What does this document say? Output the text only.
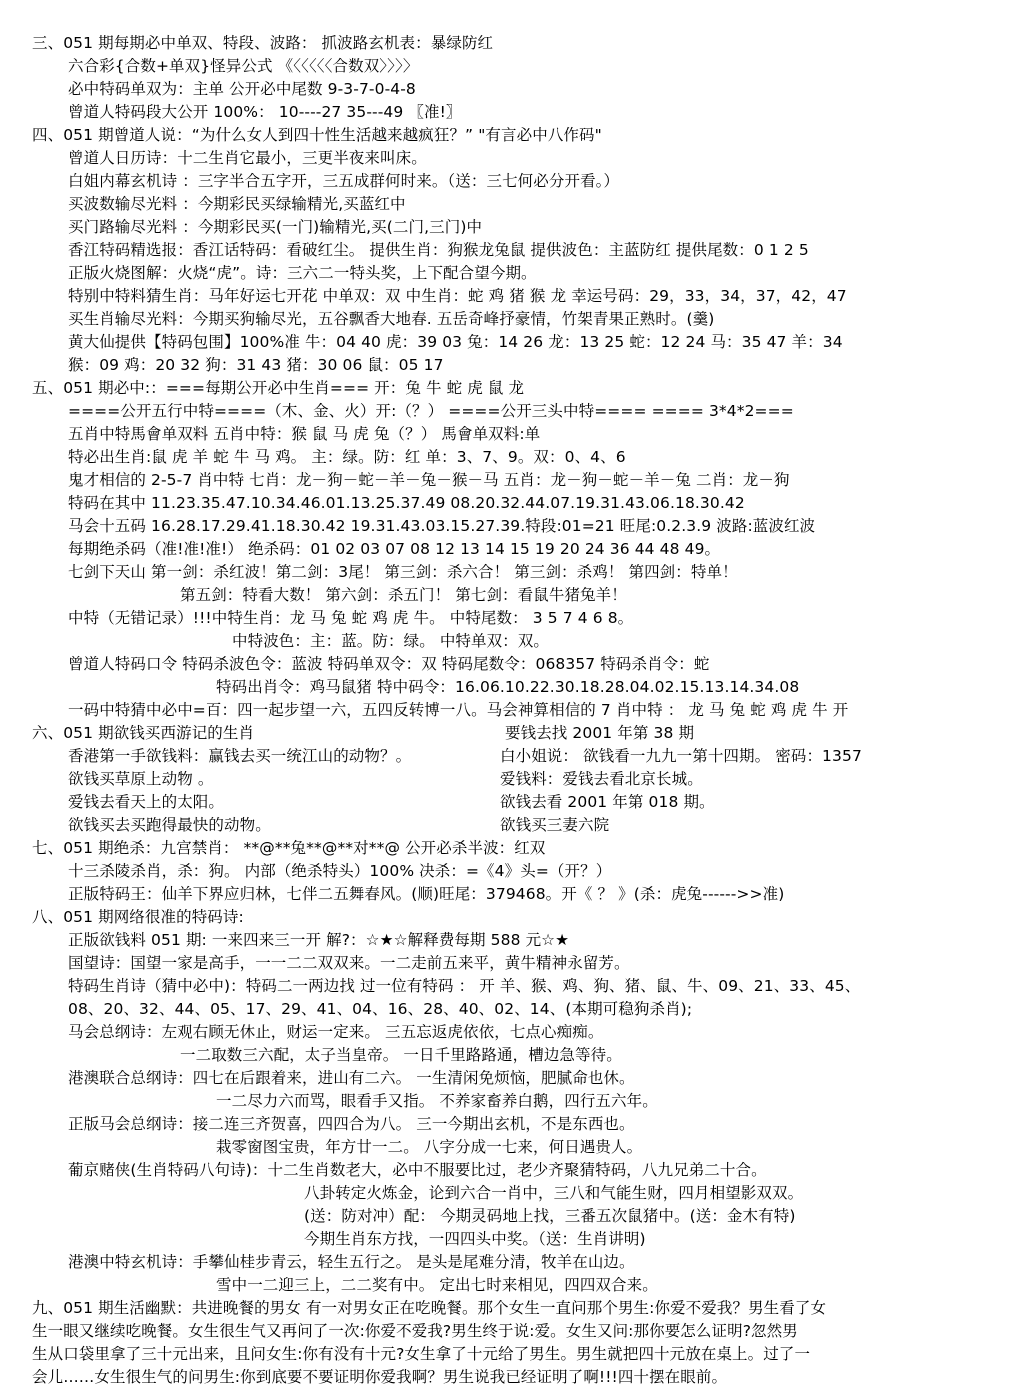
三、051 期每期必中单双、特段、波路： 抓波路玄机表：暴绿防红
六合彩{合数+单双}怪异公式 《〈〈〈〈〈合数双〉〉〉〉
必中特码单双为：主单 公开必中尾数 9-3-7-0-4-8
曾道人特码段大公开 100%： 10----27 35---49 〖准!〗
四、051 期曾道人说：“为什么女人到四十性生活越来越疯狂？” "有言必中八作码"
曾道人日历诗：十二生肖它最小，三更半夜来叫床。
白姐内幕玄机诗 ：三字半合五字开，三五成群何时来。（送：三七何必分开看。）
买波数输尽光料 ：今期彩民买绿输精光,买蓝红中
买门路输尽光料 ：今期彩民买(一门)输精光,买(二门,三门)中
香江特码精选报：香江话特码：看破红尘。 提供生肖：狗猴龙兔鼠 提供波色：主蓝防红 提供尾数：0 1 2 5
正版火烧图解：火烧“虎”。诗：三六二一特头奖，上下配合望今期。
特别中特料猜生肖：马年好运七开花 中单双：双 中生肖：蛇 鸡 猪 猴 龙 幸运号码：29，33，34，37，42，47
买生肖输尽光料：今期买狗输尽光，五谷飘香大地春. 五岳奇峰抒豪情，竹架青果正熟时。(羹)
黄大仙提供【特码包围】100%准 牛：04 40 虎：39 03 兔：14 26 龙：13 25 蛇：12 24 马：35 47 羊：34
猴：09 鸡：20 32 狗：31 43 猪：30 06 鼠：05 17
五、051 期必中:：===每期公开必中生肖=== 开：兔 牛 蛇 虎 鼠 龙
====公开五行中特====（木、金、火）开:（？） ====公开三头中特==== ==== 3*4*2===
五肖中特馬會单双料 五肖中特：猴 鼠 马 虎 兔（？） 馬會单双料:单
特必出生肖:鼠 虎 羊 蛇 牛 马 鸡。 主：绿。防：红 单：3、7、9。双：0、4、6
鬼才相信的 2-5-7 肖中特 七肖：龙－狗－蛇－羊－兔－猴－马 五肖：龙－狗－蛇－羊－兔 二肖：龙－狗
特码在其中 11.23.35.47.10.34.46.01.13.25.37.49 08.20.32.44.07.19.31.43.06.18.30.42
马会十五码 16.28.17.29.41.18.30.42 19.31.43.03.15.27.39.特段:01=21 旺尾:0.2.3.9 波路:蓝波红波
每期绝杀码（准!准!准!） 绝杀码：01 02 03 07 08 12 13 14 15 19 20 24 36 44 48 49。
七剑下天山 第一剑：杀红波！第二剑：3尾！ 第三剑：杀六合！ 第三剑：杀鸡！ 第四剑：特单！
第五剑：特看大数！ 第六剑：杀五门！ 第七剑：看鼠牛猪兔羊！
中特（无错记录）!!!中特生肖：龙 马 兔 蛇 鸡 虎 牛。 中特尾数： 3 5 7 4 6 8。
中特波色：主：蓝。防：绿。 中特单双：双。
曾道人特码口令 特码杀波色令：蓝波 特码单双令：双 特码尾数令：068357 特码杀肖令：蛇
特码出肖令：鸡马鼠猪 特中码令：16.06.10.22.30.18.28.04.02.15.13.14.34.08
一码中特猜中必中=百：四一起步望一六，五四反转博一八。马会神算相信的 7 肖中特 ： 龙 马 兔 蛇 鸡 虎 牛 开
六、051 期欲钱买西游记的生肖	要钱去找 2001 年第 38 期
香港第一手欲钱料：赢钱去买一统江山的动物？。	白小姐说： 欲钱看一九九一第十四期。 密码：1357
欲钱买草原上动物 。	爱钱料：爱钱去看北京长城。
爱钱去看天上的太阳。	欲钱去看 2001 年第 018 期。
欲钱买去买跑得最快的动物。	欲钱买三妻六院
七、051 期绝杀：九宫禁肖： **@**兔**@**对**@ 公开必杀半波：红双
十三杀陵杀肖，杀：狗。 内部（绝杀特头）100% 决杀：=《4》头=（开？）
正版特码王：仙羊下界应归林，七伴二五舞春风。(顺)旺尾：379468。开《 ？ 》(杀：虎兔------>>准)
八、051 期网络很准的特码诗:
正版欲钱料 051 期: 一来四来三一开 解?：☆★☆解释费每期 588 元☆★
国望诗：国望一家是高手，一一二二双双来。一二走前五来平，黄牛精神永留芳。
特码生肖诗（猜中必中)：特码二一两边找 过一位有特码 ： 开 羊、猴、鸡、狗、猪、鼠、牛、09、21、33、45、
08、20、32、44、05、17、29、41、04、16、28、40、02、14、(本期可稳狗杀肖);
马会总纲诗：左观右顾无休止，财运一定来。 三五忘返虎依依，七点心痴痴。
一二取数三六配，太子当皇帝。 一日千里路路通，槽边急等待。
港澳联合总纲诗：四七在后跟着来，进山有二六。 一生清闲免烦恼，肥腻命也休。
一二尽力六而骂，眼看手又指。 不养家畜养白鹅，四行五六年。
正版马会总纲诗：接二连三齐贺喜，四四合为八。 三一今期出玄机，不是东西也。
栽零窗图宝贵，年方廿一二。 八字分成一七来，何日遇贵人。
葡京赌侠(生肖特码八句诗)：十二生肖数老大，必中不服要比过，老少齐聚猜特码，八九兄弟二十合。
八卦转定火炼金，论到六合一肖中，三八和气能生财，四月相望影双双。
(送：防对冲）配： 今期灵码地上找，三番五次鼠猪中。(送：金木有特)
今期生肖东方找，一四四头中奖。（送：生肖讲明)
港澳中特玄机诗：手攀仙桂步青云，轻生五行之。 是头是尾难分清，牧羊在山边。
雪中一二迎三上，二二奖有中。 定出七时来相见，四四双合来。
九、051 期生活幽默：共进晚餐的男女 有一对男女正在吃晚餐。那个女生一直问那个男生:你爱不爱我？男生看了女
生一眼又继续吃晚餐。女生很生气又再问了一次:你爱不爱我?男生终于说:爱。女生又问:那你要怎么证明?忽然男
生从口袋里拿了三十元出来，且问女生:你有没有十元?女生拿了十元给了男生。男生就把四十元放在桌上。过了一
会儿……女生很生气的问男生:你到底要不要证明你爱我啊？男生说我已经证明了啊!!!四十摆在眼前。
